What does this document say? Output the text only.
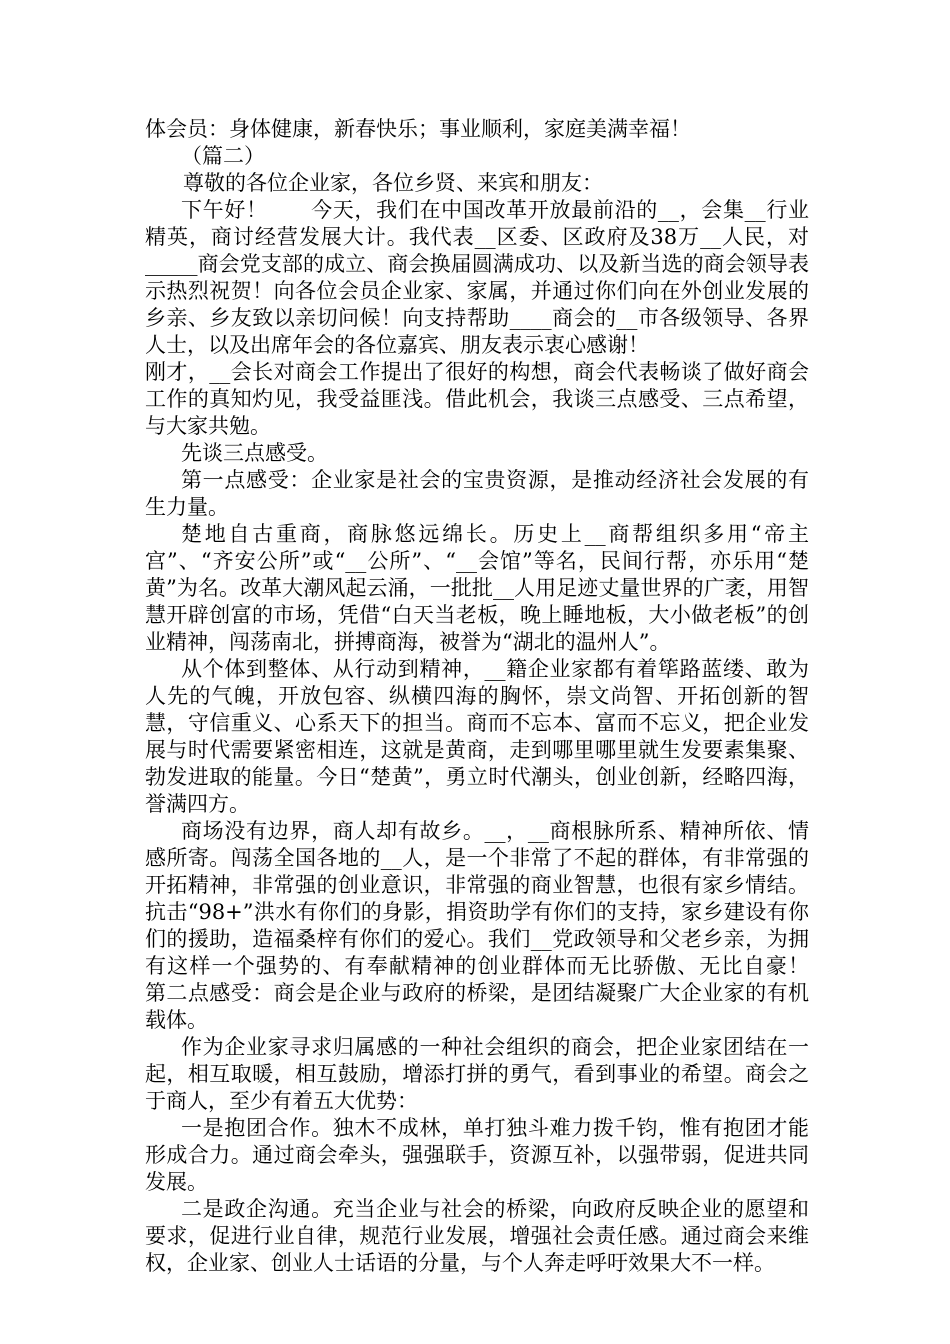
体会员：身体健康，新春快乐；事业顺利，家庭美满幸福！

（篇二）

尊敬的各位企业家，各位乡贤、来宾和朋友：

下午好！　　今天，我们在中国改革开放最前沿的__，会集__行业精英，商讨经营发展大计。我代表__区委、区政府及38万__人民，对_____商会党支部的成立、商会换届圆满成功、以及新当选的商会领导表示热烈祝贺！向各位会员企业家、家属，并通过你们向在外创业发展的乡亲、乡友致以亲切问候！向支持帮助____商会的__市各级领导、各界人士，以及出席年会的各位嘉宾、朋友表示衷心感谢！

刚才，__会长对商会工作提出了很好的构想，商会代表畅谈了做好商会工作的真知灼见，我受益匪浅。借此机会，我谈三点感受、三点希望，与大家共勉。

先谈三点感受。

第一点感受：企业家是社会的宝贵资源，是推动经济社会发展的有生力量。

楚地自古重商，商脉悠远绵长。历史上__商帮组织多用“帝主宫”、“齐安公所”或“__公所”、“__会馆”等名，民间行帮，亦乐用“楚黄”为名。改革大潮风起云涌，一批批__人用足迹丈量世界的广袤，用智慧开辟创富的市场，凭借“白天当老板，晚上睡地板，大小做老板”的创业精神，闯荡南北，拼搏商海，被誉为“湖北的温州人”。

从个体到整体、从行动到精神，__籍企业家都有着筚路蓝缕、敢为人先的气魄，开放包容、纵横四海的胸怀，崇文尚智、开拓创新的智慧，守信重义、心系天下的担当。商而不忘本、富而不忘义，把企业发展与时代需要紧密相连，这就是黄商，走到哪里哪里就生发要素集聚、勃发进取的能量。今日“楚黄”，勇立时代潮头，创业创新，经略四海，誉满四方。

商场没有边界，商人却有故乡。__，__商根脉所系、精神所依、情感所寄。闯荡全国各地的__人，是一个非常了不起的群体，有非常强的开拓精神，非常强的创业意识，非常强的商业智慧，也很有家乡情结。抗击“98+”洪水有你们的身影，捐资助学有你们的支持，家乡建设有你们的援助，造福桑梓有你们的爱心。我们__党政领导和父老乡亲，为拥有这样一个强势的、有奉献精神的创业群体而无比骄傲、无比自豪！　　第二点感受：商会是企业与政府的桥梁，是团结凝聚广大企业家的有机载体。

作为企业家寻求归属感的一种社会组织的商会，把企业家团结在一起，相互取暖，相互鼓励，增添打拼的勇气，看到事业的希望。商会之于商人，至少有着五大优势：

一是抱团合作。独木不成林，单打独斗难力拨千钧，惟有抱团才能形成合力。通过商会牵头，强强联手，资源互补，以强带弱，促进共同发展。

二是政企沟通。充当企业与社会的桥梁，向政府反映企业的愿望和要求，促进行业自律，规范行业发展，增强社会责任感。通过商会来维权，企业家、创业人士话语的分量，与个人奔走呼吁效果大不一样。
